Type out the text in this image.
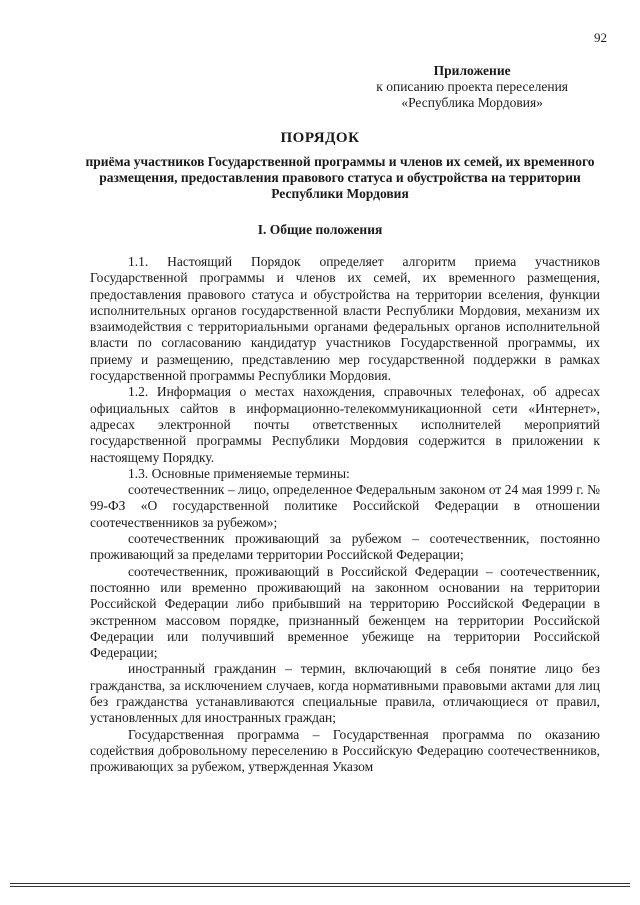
92
Приложение
к описанию проекта переселения
«Республика Мордовия»
ПОРЯДОК
приёма участников Государственной программы и членов их семей, их временного размещения, предоставления правового статуса и обустройства на территории Республики Мордовия
I. Общие положения

1.1. Настоящий Порядок определяет алгоритм приема участников Государственной программы и членов их семей, их временного размещения, предоставления правового статуса и обустройства на территории вселения, функции исполнительных органов государственной власти Республики Мордовия, механизм их взаимодействия с территориальными органами федеральных органов исполнительной власти по согласованию кандидатур участников Государственной программы, их приему и размещению, представлению мер государственной поддержки в рамках государственной программы Республики Мордовия.

1.2. Информация о местах нахождения, справочных телефонах, об адресах официальных сайтов в информационно-телекоммуникационной сети «Интернет», адресах электронной почты ответственных исполнителей мероприятий государственной программы Республики Мордовия содержится в приложении к настоящему Порядку.

1.3. Основные применяемые термины:

соотечественник – лицо, определенное Федеральным законом от 24 мая 1999 г. № 99-ФЗ «О государственной политике Российской Федерации в отношении соотечественников за рубежом»;

соотечественник проживающий за рубежом – соотечественник, постоянно проживающий за пределами территории Российской Федерации;

соотечественник, проживающий в Российской Федерации – соотечественник, постоянно или временно проживающий на законном основании на территории Российской Федерации либо прибывший на территорию Российской Федерации в экстренном массовом порядке, признанный беженцем на территории Российской Федерации или получивший временное убежище на территории Российской Федерации;

иностранный гражданин – термин, включающий в себя понятие лицо без гражданства, за исключением случаев, когда нормативными правовыми актами для лиц без гражданства устанавливаются специальные правила, отличающиеся от правил, установленных для иностранных граждан;

Государственная программа – Государственная программа по оказанию содействия добровольному переселению в Российскую Федерацию соотечественников, проживающих за рубежом, утвержденная Указом
